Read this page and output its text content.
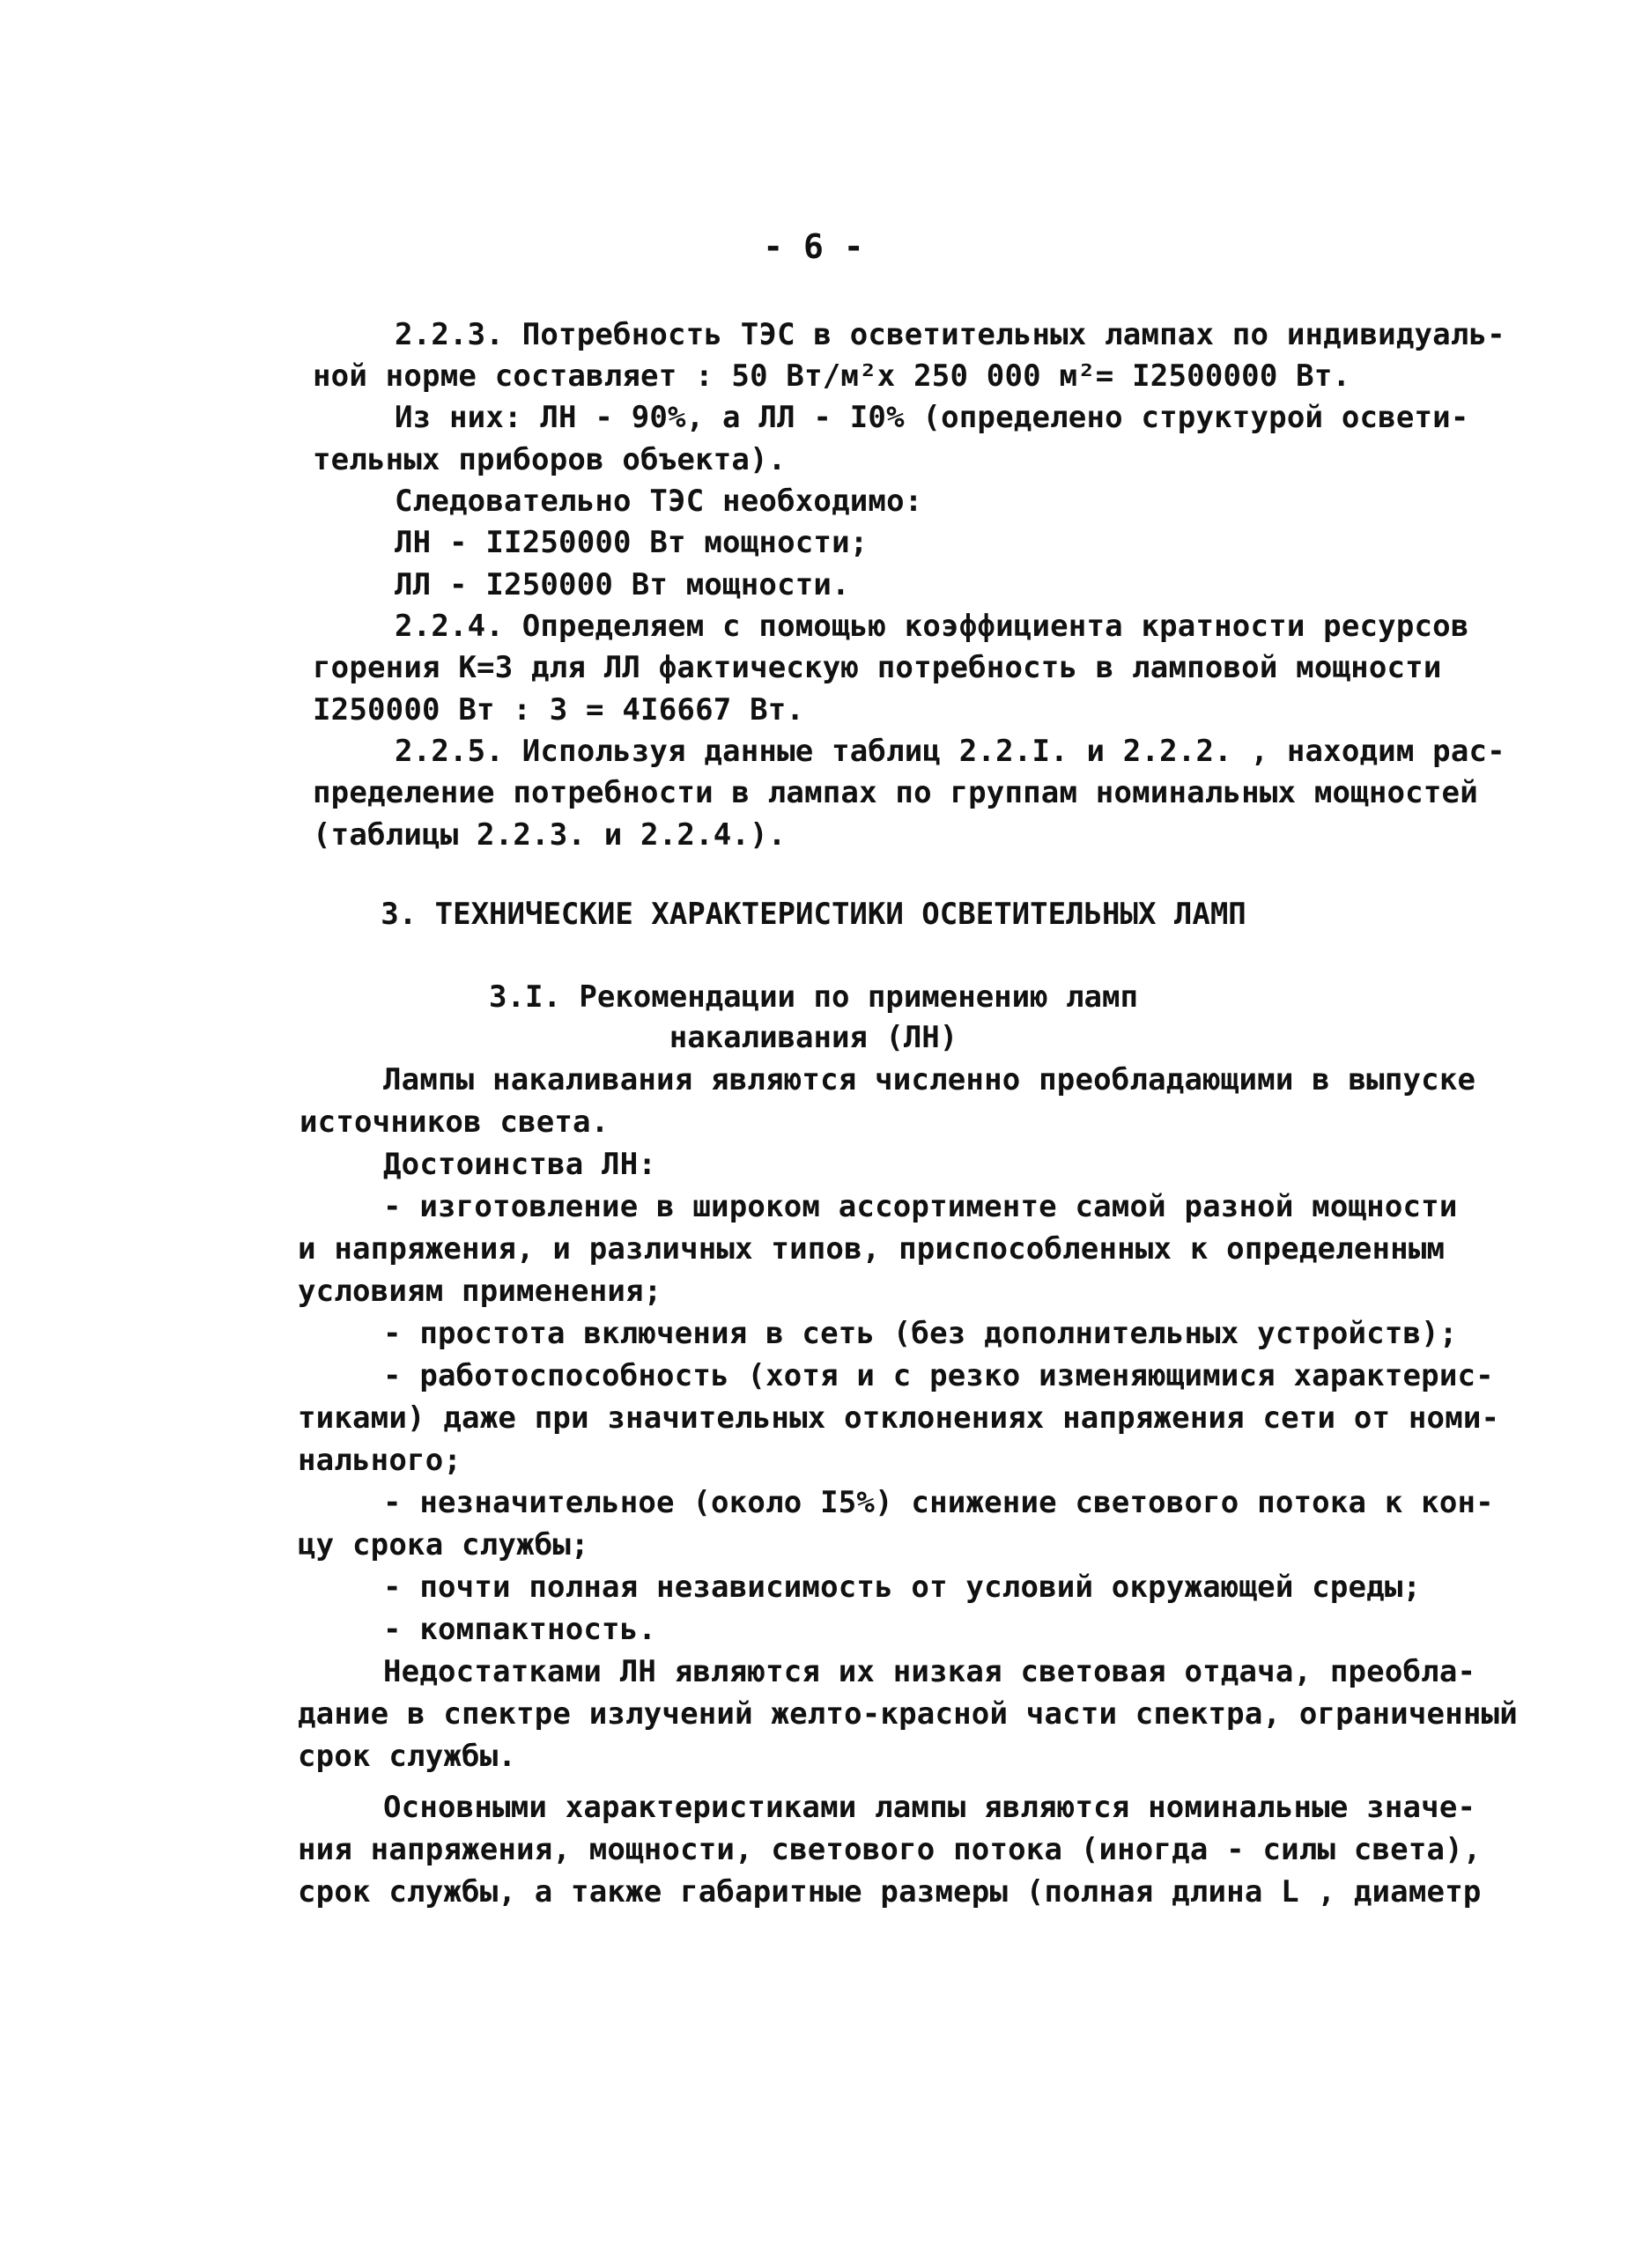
- 6 -
2.2.3. Потребность ТЭС в осветительных лампах по индивидуаль-
ной норме составляет : 50 Вт/м²х 250 000 м²= I2500000 Вт.
Из них: ЛН - 90%, а ЛЛ - I0% (определено структурой освети-
тельных приборов объекта).
Следовательно ТЭС необходимо:
ЛН - II250000 Вт мощности;
ЛЛ - I250000 Вт мощности.
2.2.4. Определяем с помощью коэффициента кратности ресурсов
горения К=3 для ЛЛ фактическую потребность в ламповой мощности
I250000 Вт : 3 = 4I6667 Вт.
2.2.5. Используя данные таблиц 2.2.I. и 2.2.2. , находим рас-
пределение потребности в лампах по группам номинальных мощностей
(таблицы 2.2.3. и 2.2.4.).
3. ТЕХНИЧЕСКИЕ ХАРАКТЕРИСТИКИ ОСВЕТИТЕЛЬНЫХ ЛАМП
3.I. Рекомендации по применению ламп
накаливания (ЛН)
Лампы накаливания являются численно преобладающими в выпуске
источников света.
Достоинства ЛН:
- изготовление в широком ассортименте самой разной мощности
и напряжения, и различных типов, приспособленных к определенным
условиям применения;
- простота включения в сеть (без дополнительных устройств);
- работоспособность (хотя и с резко изменяющимися характерис-
тиками) даже при значительных отклонениях напряжения сети от номи-
нального;
- незначительное (около I5%) снижение светового потока к кон-
цу срока службы;
- почти полная независимость от условий окружающей среды;
- компактность.
Недостатками ЛН являются их низкая световая отдача, преобла-
дание в спектре излучений желто-красной части спектра, ограниченный
срок службы.
Основными характеристиками лампы являются номинальные значе-
ния напряжения, мощности, светового потока (иногда - силы света),
срок службы, а также габаритные размеры (полная длина L , диаметр
